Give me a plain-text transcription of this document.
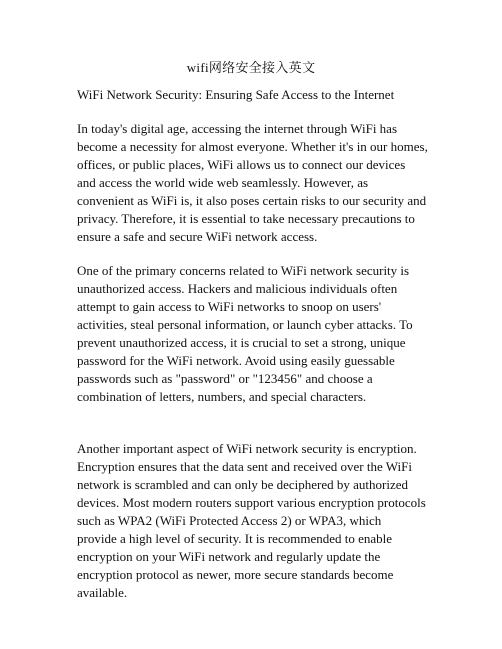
wifi网络安全接入英文
WiFi Network Security: Ensuring Safe Access to the Internet

In today's digital age, accessing the internet through WiFi has
become a necessity for almost everyone. Whether it's in our homes,
offices, or public places, WiFi allows us to connect our devices
and access the world wide web seamlessly. However, as
convenient as WiFi is, it also poses certain risks to our security and
privacy. Therefore, it is essential to take necessary precautions to
ensure a safe and secure WiFi network access.

One of the primary concerns related to WiFi network security is
unauthorized access. Hackers and malicious individuals often
attempt to gain access to WiFi networks to snoop on users'
activities, steal personal information, or launch cyber attacks. To
prevent unauthorized access, it is crucial to set a strong, unique
password for the WiFi network. Avoid using easily guessable
passwords such as "password" or "123456" and choose a
combination of letters, numbers, and special characters.

Another important aspect of WiFi network security is encryption.
Encryption ensures that the data sent and received over the WiFi
network is scrambled and can only be deciphered by authorized
devices. Most modern routers support various encryption protocols
such as WPA2 (WiFi Protected Access 2) or WPA3, which
provide a high level of security. It is recommended to enable
encryption on your WiFi network and regularly update the
encryption protocol as newer, more secure standards become
available.
